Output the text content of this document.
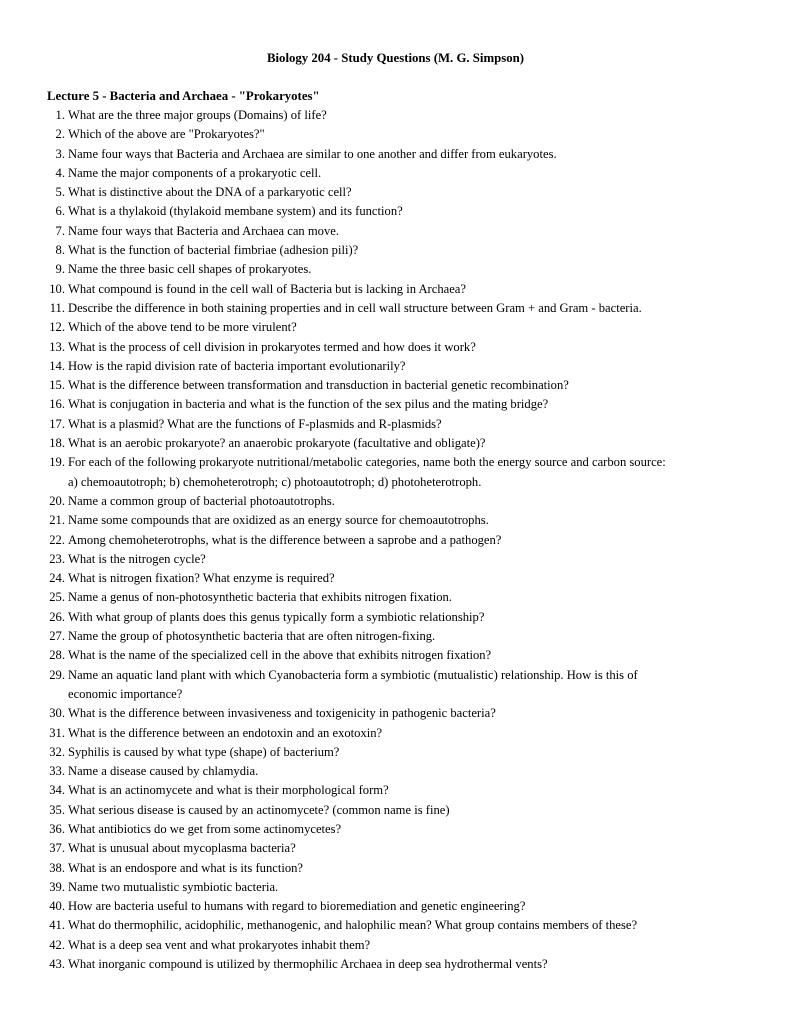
Biology 204 - Study Questions (M. G. Simpson)
Lecture 5 - Bacteria and Archaea - "Prokaryotes"
1. What are the three major groups (Domains) of life?
2. Which of the above are "Prokaryotes?"
3. Name four ways that Bacteria and Archaea are similar to one another and differ from eukaryotes.
4. Name the major components of a prokaryotic cell.
5. What is distinctive about the DNA of a parkaryotic cell?
6. What is a thylakoid (thylakoid membane system) and its function?
7. Name four ways that Bacteria and Archaea can move.
8. What is the function of bacterial fimbriae (adhesion pili)?
9. Name the three basic cell shapes of prokaryotes.
10. What compound is found in the cell wall of Bacteria but is lacking in Archaea?
11. Describe the difference in both staining properties and in cell wall structure between Gram + and Gram - bacteria.
12. Which of the above tend to be more virulent?
13. What is the process of cell division in prokaryotes termed and how does it work?
14. How is the rapid division rate of bacteria important evolutionarily?
15. What is the difference between transformation and transduction in bacterial genetic recombination?
16. What is conjugation in bacteria and what is the function of the sex pilus and the mating bridge?
17. What is a plasmid? What are the functions of F-plasmids and R-plasmids?
18. What is an aerobic prokaryote? an anaerobic prokaryote (facultative and obligate)?
19. For each of the following prokaryote nutritional/metabolic categories, name both the energy source and carbon source:
a) chemoautotroph; b) chemoheterotroph; c) photoautotroph; d) photoheterotroph.
20. Name a common group of bacterial photoautotrophs.
21. Name some compounds that are oxidized as an energy source for chemoautotrophs.
22. Among chemoheterotrophs, what is the difference between a saprobe and a pathogen?
23. What is the nitrogen cycle?
24. What is nitrogen fixation? What enzyme is required?
25. Name a genus of non-photosynthetic bacteria that exhibits nitrogen fixation.
26. With what group of plants does this genus typically form a symbiotic relationship?
27. Name the group of photosynthetic bacteria that are often nitrogen-fixing.
28. What is the name of the specialized cell in the above that exhibits nitrogen fixation?
29. Name an aquatic land plant with which Cyanobacteria form a symbiotic (mutualistic) relationship. How is this of
economic importance?
30. What is the difference between invasiveness and toxigenicity in pathogenic bacteria?
31. What is the difference between an endotoxin and an exotoxin?
32. Syphilis is caused by what type (shape) of bacterium?
33. Name a disease caused by chlamydia.
34. What is an actinomycete and what is their morphological form?
35. What serious disease is caused by an actinomycete? (common name is fine)
36. What antibiotics do we get from some actinomycetes?
37. What is unusual about mycoplasma bacteria?
38. What is an endospore and what is its function?
39. Name two mutualistic symbiotic bacteria.
40. How are bacteria useful to humans with regard to bioremediation and genetic engineering?
41. What do thermophilic, acidophilic, methanogenic, and halophilic mean? What group contains members of these?
42. What is a deep sea vent and what prokaryotes inhabit them?
43. What inorganic compound is utilized by thermophilic Archaea in deep sea hydrothermal vents?
